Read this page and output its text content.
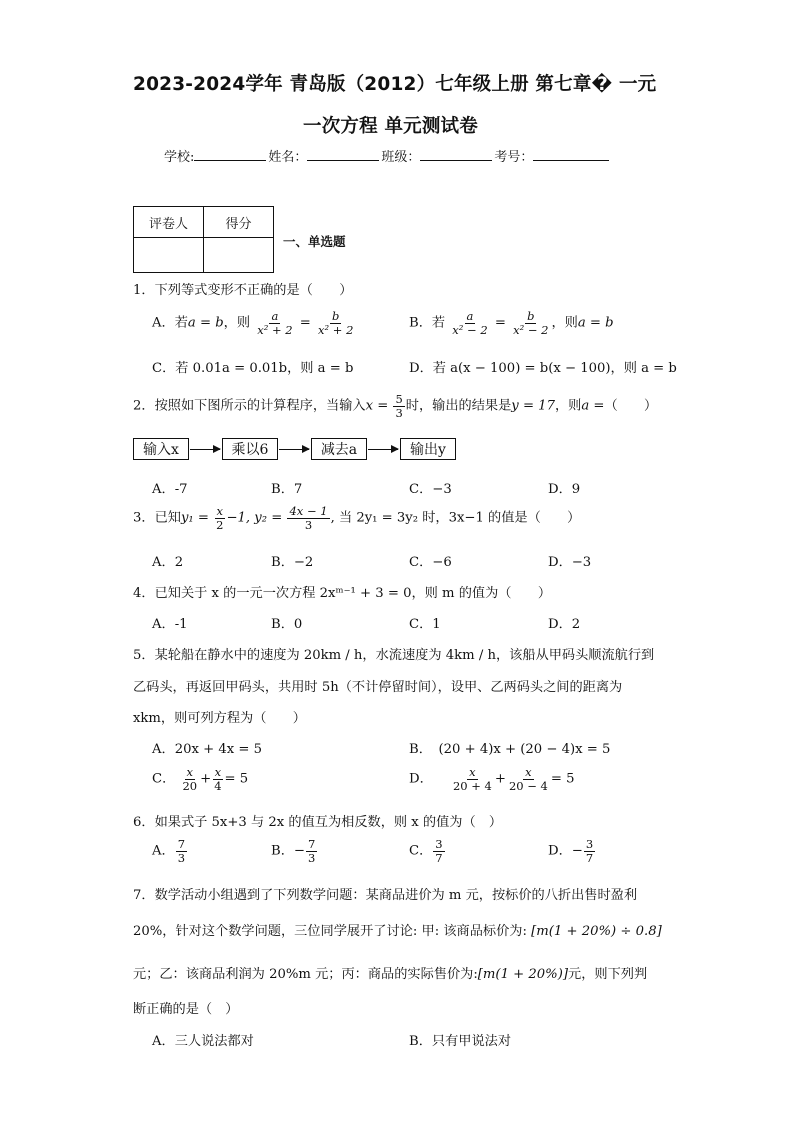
2023-2024学年 青岛版（2012）七年级上册 第七章� 一元
一次方程 单元测试卷
学校:	姓名：	班级：	考号：
评卷人	得分

一、单选题
1．下列等式变形不正确的是（　　）
A．若a = b，则 $\frac{a}{\text{x² + 2}} = \frac{b}{\text{x² + 2}}$	B．若 $\frac{a}{\text{x² − 2}} = \frac{b}{\text{x² − 2}}$ ，则a = b
C．若 0.01a = 0.01b，则 a = b	D．若 a(x − 100) = b(x − 100)，则 a = b
2．按照如下图所示的计算程序，当输入$x = \frac{5}{3}$ 时，输出的结果是y = 17，则a =（　　）
输入x	乘以6	减去a	输出y
A．-7	B．7	C．−3	D．9
3．已知$y_1 = \frac{x}{2} -1$, $y_2 = \frac{4x - 1}{3}$ , 当 2y₁ = 3y₂ 时，3x−1 的值是（　　）
A．2	B．−2	C．−6	D．−3
4．已知关于 x 的一元一次方程 2xᵐ⁻¹ + 3 = 0，则 m 的值为（　　）
A．-1	B．0	C．1	D．2
5．某轮船在静水中的速度为 20km / h，水流速度为 4km / h，该船从甲码头顺流航行到
乙码头，再返回甲码头，共用时 5h（不计停留时间），设甲、乙两码头之间的距离为
xkm，则可列方程为（　　）
A．20x + 4x = 5	B．　(20 + 4)x + (20 − 4)x = 5
C． $\frac{x}{20} + \frac{x}{4} = 5$	D． $\frac{x}{20 + 4} + \frac{x}{20 - 4} = 5$
6．如果式子 5x+3 与 2x 的值互为相反数，则 x 的值为（　）
A． $\frac{7}{3}$	B．− $\frac{7}{3}$	C． $\frac{3}{7}$	D．− $\frac{3}{7}$
7．数学活动小组遇到了下列数学问题：某商品进价为 m 元，按标价的八折出售时盈利
20%，针对这个数学问题，三位同学展开了讨论: 甲: 该商品标价为: [m(1 + 20%) ÷ 0.8]
元；乙：该商品利润为 20%m 元；丙：商品的实际售价为:[m(1 + 20%)]元，则下列判
断正确的是（　）
A．三人说法都对	B．只有甲说法对
